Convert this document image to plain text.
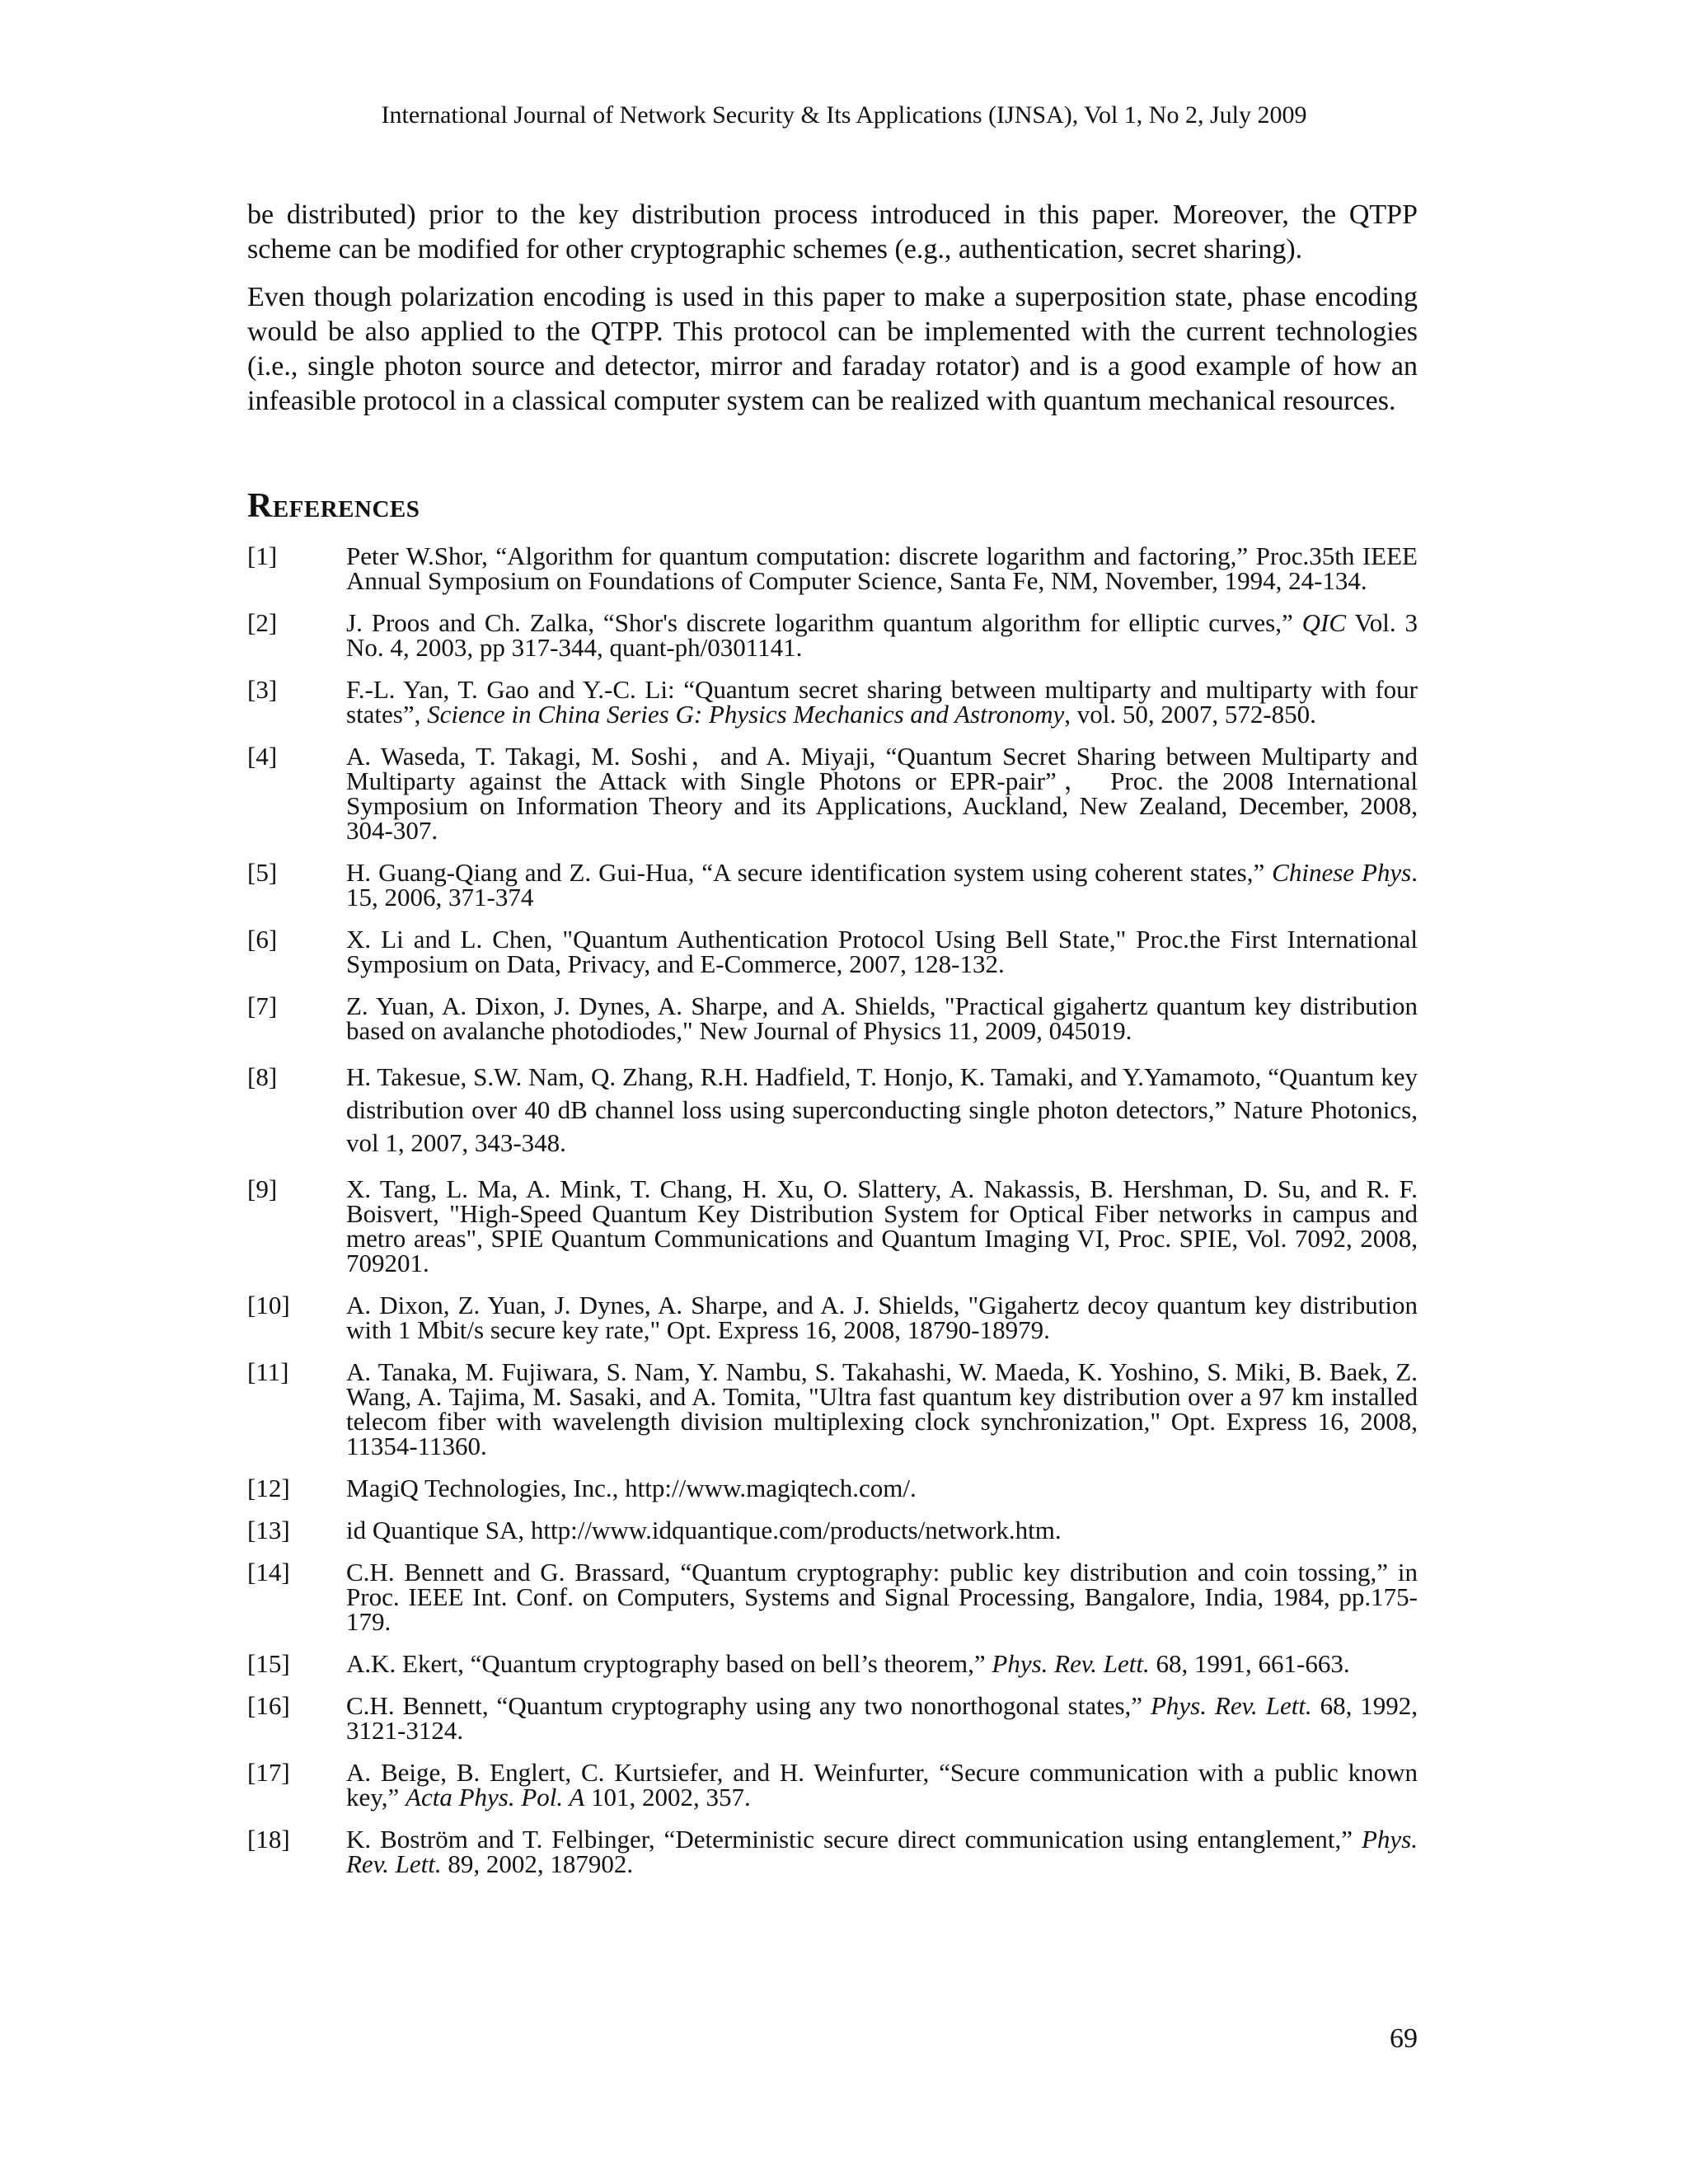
International Journal of Network Security & Its Applications (IJNSA), Vol 1, No 2, July 2009

be distributed) prior to the key distribution process introduced in this paper. Moreover, the QTPP scheme can be modified for other cryptographic schemes (e.g., authentication, secret sharing).

Even though polarization encoding is used in this paper to make a superposition state, phase encoding would be also applied to the QTPP. This protocol can be implemented with the current technologies (i.e., single photon source and detector, mirror and faraday rotator) and is a good example of how an infeasible protocol in a classical computer system can be realized with quantum mechanical resources.

References
[1]	Peter W.Shor, “Algorithm for quantum computation: discrete logarithm and factoring,” Proc.35th IEEE Annual Symposium on Foundations of Computer Science, Santa Fe, NM, November, 1994, 24-134.
[2]	J. Proos and Ch. Zalka, “Shor's discrete logarithm quantum algorithm for elliptic curves,” QIC Vol. 3 No. 4, 2003, pp 317-344, quant-ph/0301141.
[3]	F.-L. Yan, T. Gao and Y.-C. Li: “Quantum secret sharing between multiparty and multiparty with four states”, Science in China Series G: Physics Mechanics and Astronomy, vol. 50, 2007, 572-850.
[4]	A. Waseda, T. Takagi, M. Soshi，and A. Miyaji, “Quantum Secret Sharing between Multiparty and Multiparty against the Attack with Single Photons or EPR-pair”， Proc. the 2008 International Symposium on Information Theory and its Applications, Auckland, New Zealand, December, 2008, 304-307.
[5]	H. Guang-Qiang and Z. Gui-Hua, “A secure identification system using coherent states,” Chinese Phys. 15, 2006, 371-374
[6]	X. Li and L. Chen, "Quantum Authentication Protocol Using Bell State," Proc.the First International Symposium on Data, Privacy, and E-Commerce, 2007, 128-132.
[7]	Z. Yuan, A. Dixon, J. Dynes, A. Sharpe, and A. Shields, "Practical gigahertz quantum key distribution based on avalanche photodiodes," New Journal of Physics 11, 2009, 045019.
[8]	H. Takesue, S.W. Nam, Q. Zhang, R.H. Hadfield, T. Honjo, K. Tamaki, and Y.Yamamoto, “Quantum key distribution over 40 dB channel loss using superconducting single photon detectors,” Nature Photonics, vol 1, 2007, 343-348.
[9]	X. Tang, L. Ma, A. Mink, T. Chang, H. Xu, O. Slattery, A. Nakassis, B. Hershman, D. Su, and R. F. Boisvert, "High-Speed Quantum Key Distribution System for Optical Fiber networks in campus and metro areas", SPIE Quantum Communications and Quantum Imaging VI, Proc. SPIE, Vol. 7092, 2008, 709201.
[10]	A. Dixon, Z. Yuan, J. Dynes, A. Sharpe, and A. J. Shields, "Gigahertz decoy quantum key distribution with 1 Mbit/s secure key rate," Opt. Express 16, 2008, 18790-18979.
[11]	A. Tanaka, M. Fujiwara, S. Nam, Y. Nambu, S. Takahashi, W. Maeda, K. Yoshino, S. Miki, B. Baek, Z. Wang, A. Tajima, M. Sasaki, and A. Tomita, "Ultra fast quantum key distribution over a 97 km installed telecom fiber with wavelength division multiplexing clock synchronization," Opt. Express 16, 2008, 11354-11360.
[12]	MagiQ Technologies, Inc., http://www.magiqtech.com/.
[13]	id Quantique SA, http://www.idquantique.com/products/network.htm.
[14]	C.H. Bennett and G. Brassard, “Quantum cryptography: public key distribution and coin tossing,” in Proc. IEEE Int. Conf. on Computers, Systems and Signal Processing, Bangalore, India, 1984, pp.175-179.
[15]	A.K. Ekert, “Quantum cryptography based on bell’s theorem,” Phys. Rev. Lett. 68, 1991, 661-663.
[16]	C.H. Bennett, “Quantum cryptography using any two nonorthogonal states,” Phys. Rev. Lett. 68, 1992, 3121-3124.
[17]	A. Beige, B. Englert, C. Kurtsiefer, and H. Weinfurter, “Secure communication with a public known key,” Acta Phys. Pol. A 101, 2002, 357.
[18]	K. Boström and T. Felbinger, “Deterministic secure direct communication using entanglement,” Phys. Rev. Lett. 89, 2002, 187902.
69
